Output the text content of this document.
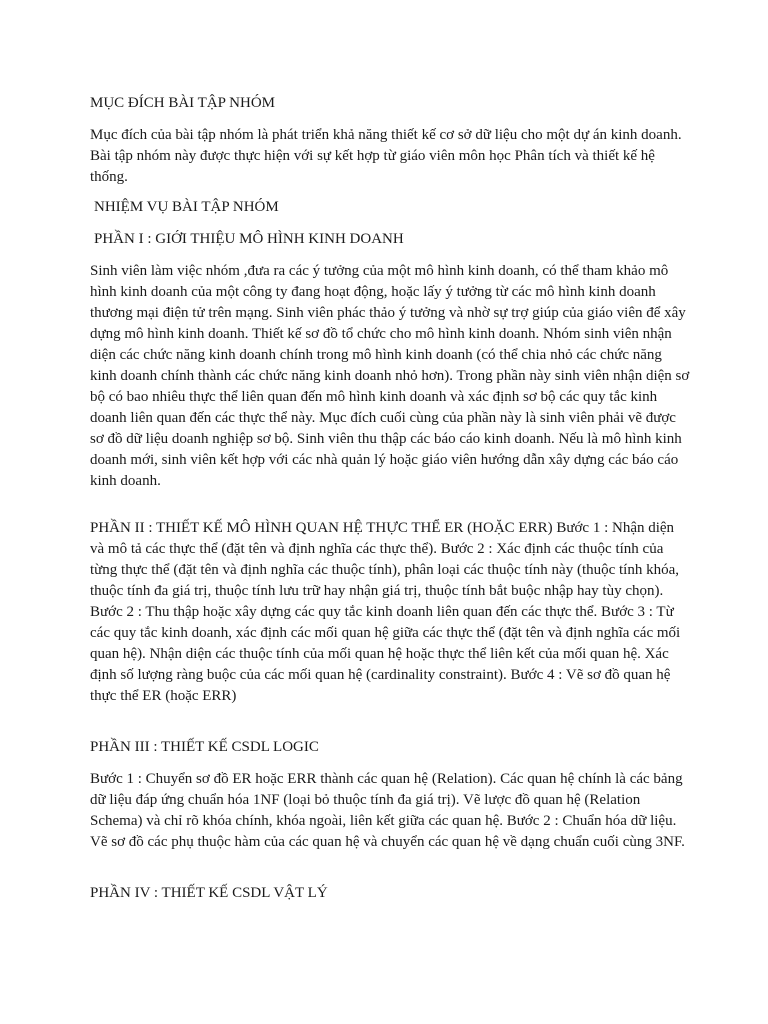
MỤC ĐÍCH BÀI TẬP NHÓM

Mục đích của bài tập nhóm là phát triển khả năng thiết kế cơ sở dữ liệu cho một dự án kinh doanh. Bài tập nhóm này được thực hiện với sự kết hợp từ giáo viên môn học Phân tích và thiết kế hệ thống.

NHIỆM VỤ BÀI TẬP NHÓM

PHẦN I : GIỚI THIỆU MÔ HÌNH KINH DOANH

Sinh viên làm việc nhóm ,đưa ra các ý tưởng của một mô hình kinh doanh, có thể tham khảo mô hình kinh doanh của một công ty đang hoạt động, hoặc lấy ý tưởng từ các mô hình kinh doanh thương mại điện tử trên mạng. Sinh viên phác thảo ý tưởng và nhờ sự trợ giúp của giáo viên để xây dựng mô hình kinh doanh. Thiết kế sơ đồ tổ chức cho mô hình kinh doanh. Nhóm sinh viên nhận diện các chức năng kinh doanh chính trong mô hình kinh doanh (có thể chia nhỏ các chức năng kinh doanh chính thành các chức năng kinh doanh nhỏ hơn). Trong phần này sinh viên nhận diện sơ bộ có bao nhiêu thực thể liên quan đến mô hình kinh doanh và xác định sơ bộ các quy tắc kinh doanh liên quan đến các thực thể này. Mục đích cuối cùng của phần này là sinh viên phải vẽ được sơ đồ dữ liệu doanh nghiệp sơ bộ. Sinh viên thu thập các báo cáo kinh doanh. Nếu là mô hình kinh doanh mới, sinh viên kết hợp với các nhà quản lý hoặc giáo viên hướng dẫn xây dựng các báo cáo kinh doanh.

PHẦN II : THIẾT KẾ MÔ HÌNH QUAN HỆ THỰC THỂ ER (HOẶC ERR) Bước 1 : Nhận diện và mô tả các thực thể (đặt tên và định nghĩa các thực thể). Bước 2 : Xác định các thuộc tính của từng thực thể (đặt tên và định nghĩa các thuộc tính), phân loại các thuộc tính này (thuộc tính khóa, thuộc tính đa giá trị, thuộc tính lưu trữ hay nhận giá trị, thuộc tính bắt buộc nhập hay tùy chọn). Bước 2 : Thu thập hoặc xây dựng các quy tắc kinh doanh liên quan đến các thực thể. Bước 3 : Từ các quy tắc kinh doanh, xác định các mối quan hệ giữa các thực thể (đặt tên và định nghĩa các mối quan hệ). Nhận diện các thuộc tính của mối quan hệ hoặc thực thể liên kết của mối quan hệ. Xác định số lượng ràng buộc của các mối quan hệ (cardinality constraint). Bước 4 : Vẽ sơ đồ quan hệ thực thể ER (hoặc ERR)

PHẦN III : THIẾT KẾ CSDL LOGIC

Bước 1 : Chuyển sơ đồ ER hoặc ERR thành các quan hệ (Relation). Các quan hệ chính là các bảng dữ liệu đáp ứng chuẩn hóa 1NF (loại bỏ thuộc tính đa giá trị). Vẽ lược đồ quan hệ (Relation Schema) và chỉ rõ khóa chính, khóa ngoài, liên kết giữa các quan hệ. Bước 2 : Chuẩn hóa dữ liệu. Vẽ sơ đồ các phụ thuộc hàm của các quan hệ và chuyển các quan hệ về dạng chuẩn cuối cùng 3NF.

PHẦN IV : THIẾT KẾ CSDL VẬT LÝ
